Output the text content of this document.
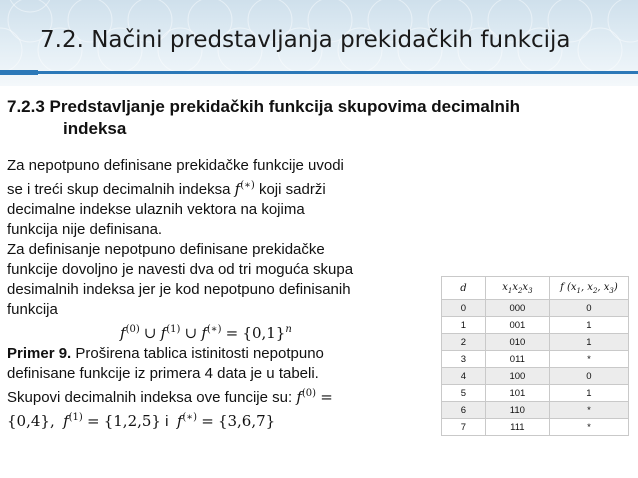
7.2. Načini predstavljanja prekidačkih funkcija
7.2.3 Predstavljanje prekidačkih funkcija skupovima decimalnih
indeksa
Za nepotpuno definisane prekidačke funkcije uvodi
se i treći skup decimalnih indeksa f(∗) koji sadrži
decimalne indekse ulaznih vektora na kojima
funkcija nije definisana.
Za definisanje nepotpuno definisane prekidačke
funkcije dovoljno je navesti dva od tri moguća skupa
desimalnih indeksa jer je kod nepotpuno definisanih
funkcija
$f^{(0)}$ ∪ $f^{(1)}$ ∪ $f^{(∗)} = \{0,1\}^n$
Primer 9. Proširena tablica istinitosti nepotpuno
definisane funkcije iz primera 4 data je u tabeli.
Skupovi decimalnih indeksa ove funcije su: $f^{(0)}$ =
{0,4}, $f^{(1)} = \{1,2,5\}$ i f(∗) = {3,6,7}
d	$x_1x_2x_3$	f ($x_1$, $x_2$, $x_3$)
0	000	0
1	001	1
2	010	1
3	011	*
4	100	0
5	101	1
6	110	*
7	111	*
